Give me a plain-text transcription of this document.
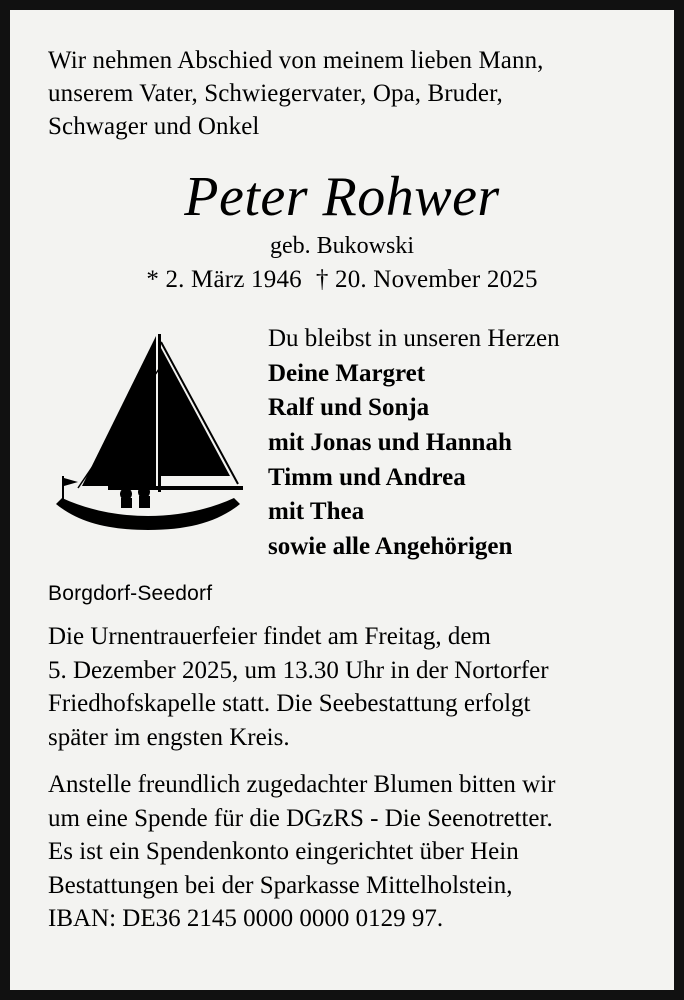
Wir nehmen Abschied von meinem lieben Mann,
unserem Vater, Schwiegervater, Opa, Bruder,
Schwager und Onkel
Peter Rohwer
geb. Bukowski
* 2. März 1946 † 20. November 2025
Du bleibst in unseren Herzen
Deine Margret
Ralf und Sonja
mit Jonas und Hannah
Timm und Andrea
mit Thea
sowie alle Angehörigen
Borgdorf-Seedorf
Die Urnentrauerfeier findet am Freitag, dem
5. Dezember 2025, um 13.30 Uhr in der Nortorfer
Friedhofskapelle statt. Die Seebestattung erfolgt
später im engsten Kreis.
Anstelle freundlich zugedachter Blumen bitten wir
um eine Spende für die DGzRS - Die Seenotretter.
Es ist ein Spendenkonto eingerichtet über Hein
Bestattungen bei der Sparkasse Mittelholstein,
IBAN: DE36 2145 0000 0000 0129 97.
